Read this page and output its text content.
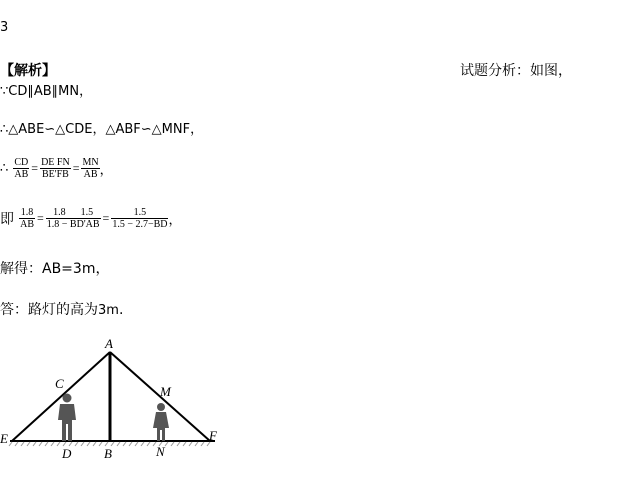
3
【解析】	试题分析：如图，
∵CD∥AB∥MN，
∴△ABE∽△CDE，△ABF∽△MNF，
∴ $\frac{CD}{AB} = \frac{\text{DE FN}}{BE'FB} = \frac{MN}{AB}$ ，
即 $\frac{1.8}{AB} = \frac{1.8 1.5}{1.8 - BD'AB} = \frac{1.5}{1.5 - 2.7-BD}$ ，
解得：AB=3m，
答：路灯的高为3m.
A
B
C
D
E	F
M
N
